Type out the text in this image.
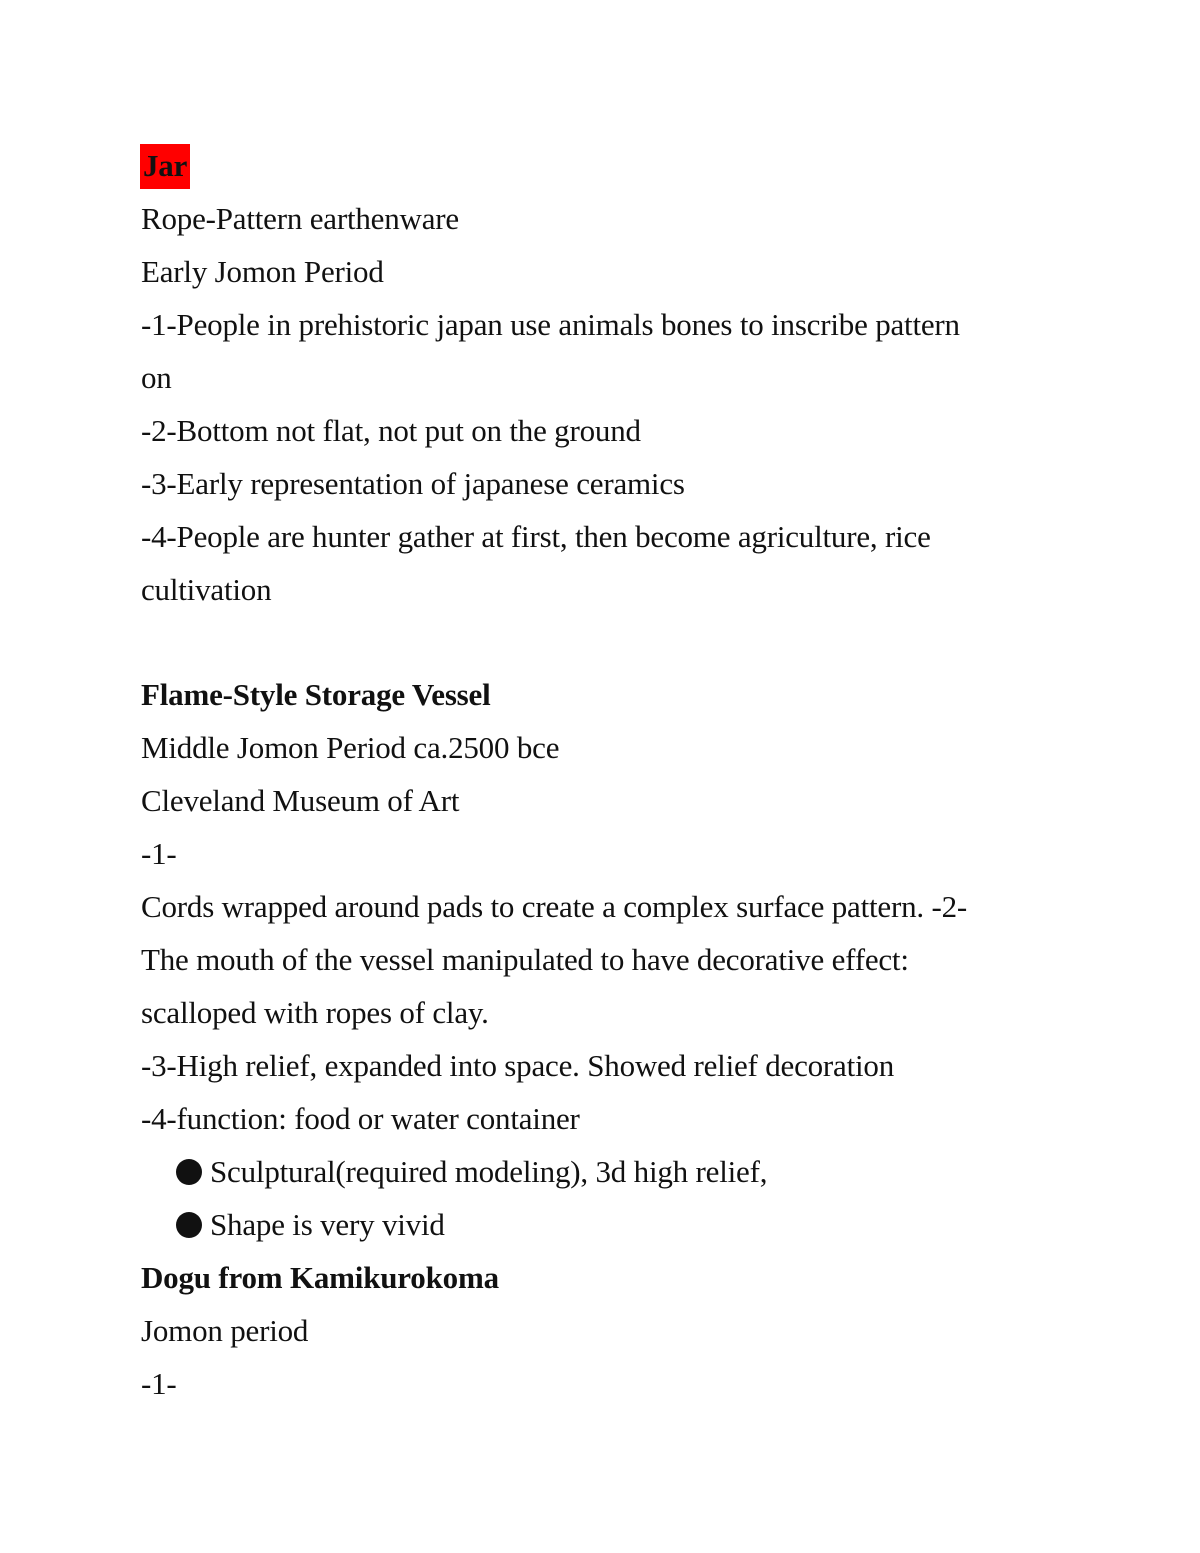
Jar
Rope-Pattern earthenware
Early Jomon Period
-1-People in prehistoric japan use animals bones to inscribe pattern
on
-2-Bottom not flat, not put on the ground
-3-Early representation of japanese ceramics
-4-People are hunter gather at first, then become agriculture, rice
cultivation
Flame-Style Storage Vessel
Middle Jomon Period ca.2500 bce
Cleveland Museum of Art
-1-
Cords wrapped around pads to create a complex surface pattern. -2-
The mouth of the vessel manipulated to have decorative effect:
scalloped with ropes of clay.
-3-High relief, expanded into space. Showed relief decoration
-4-function: food or water container
Sculptural(required modeling), 3d high relief,
Shape is very vivid
Dogu from Kamikurokoma
Jomon period
-1-
